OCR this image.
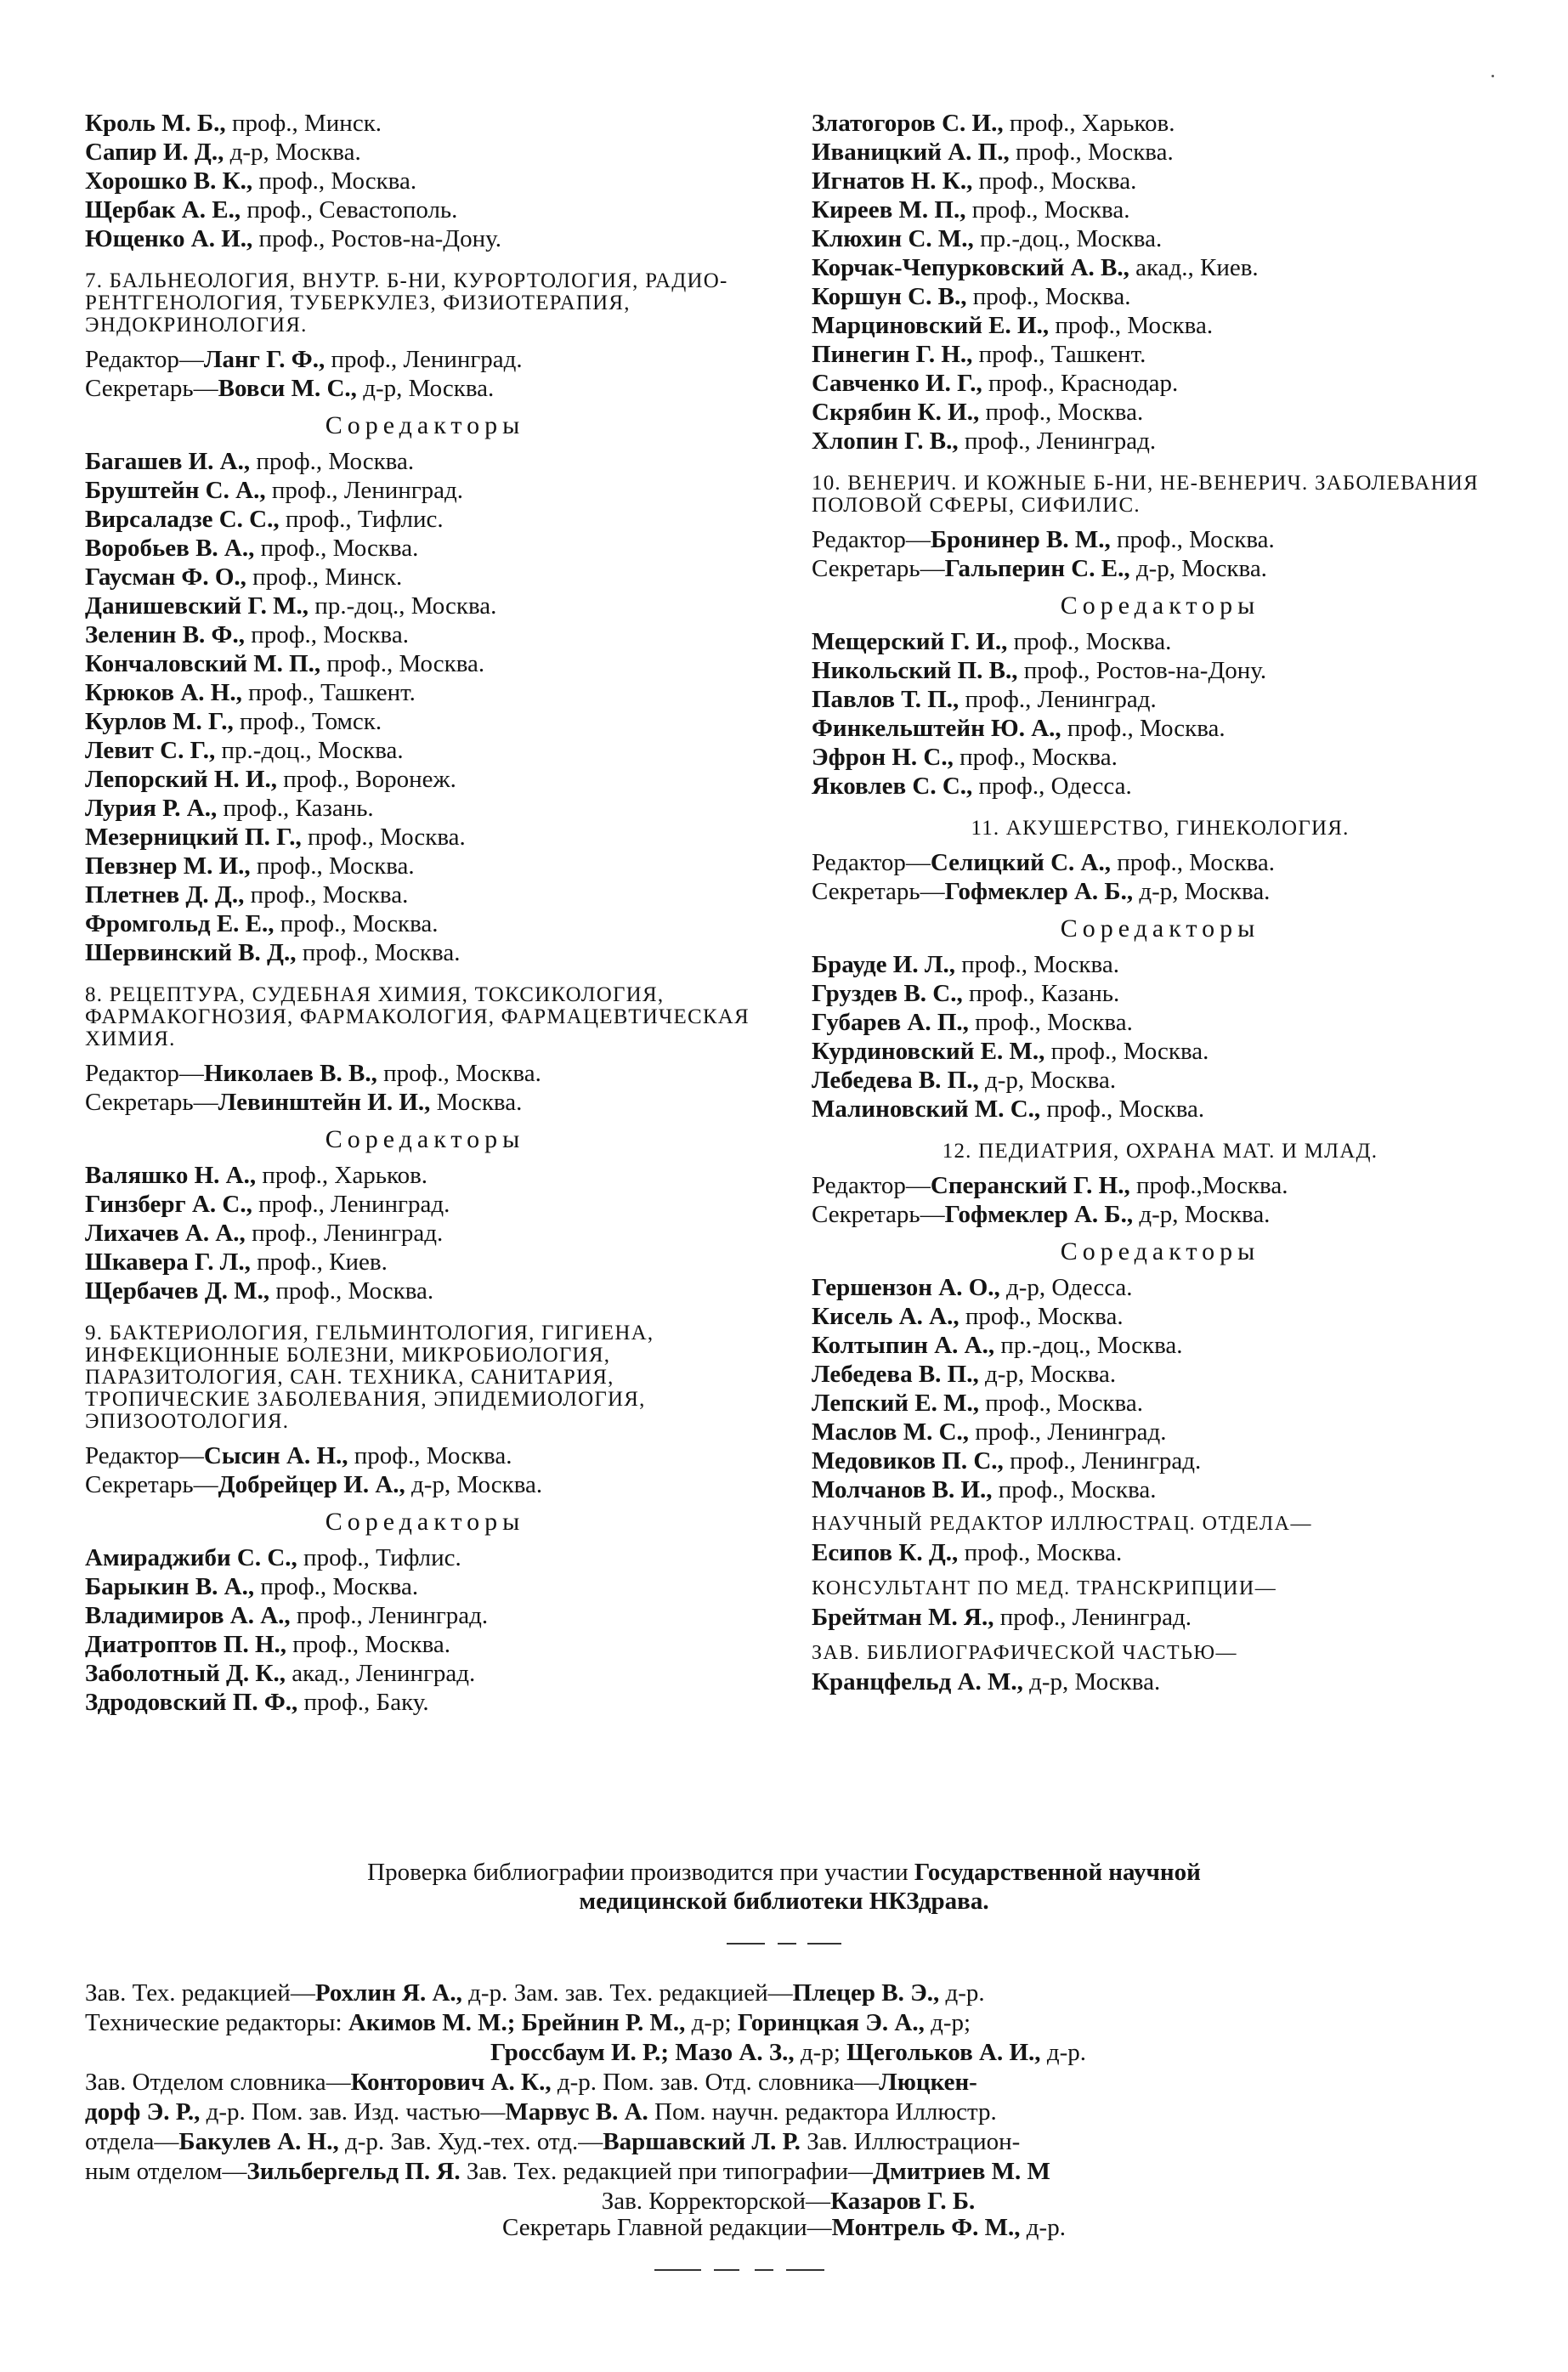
Кроль М. Б., проф., Минск.
Сапир И. Д., д-р, Москва.
Хорошко В. К., проф., Москва.
Щербак А. Е., проф., Севастополь.
Ющенко А. И., проф., Ростов-на-Дону.
7. БАЛЬНЕОЛОГИЯ, ВНУТР. Б-НИ, КУРОРТОЛОГИЯ, РАДИО-РЕНТГЕНОЛОГИЯ, ТУБЕРКУЛЕЗ, ФИЗИОТЕРАПИЯ, ЭНДОКРИНОЛОГИЯ.
Редактор—Ланг Г. Ф., проф., Ленинград.
Секретарь—Вовси М. С., д-р, Москва.
Соредакторы
Багашев И. А., проф., Москва.
Бруштейн С. А., проф., Ленинград.
Вирсаладзе С. С., проф., Тифлис.
Воробьев В. А., проф., Москва.
Гаусман Ф. О., проф., Минск.
Данишевский Г. М., пр.-доц., Москва.
Зеленин В. Ф., проф., Москва.
Кончаловский М. П., проф., Москва.
Крюков А. Н., проф., Ташкент.
Курлов М. Г., проф., Томск.
Левит С. Г., пр.-доц., Москва.
Лепорский Н. И., проф., Воронеж.
Лурия Р. А., проф., Казань.
Мезерницкий П. Г., проф., Москва.
Певзнер М. И., проф., Москва.
Плетнев Д. Д., проф., Москва.
Фромгольд Е. Е., проф., Москва.
Шервинский В. Д., проф., Москва.
8. РЕЦЕПТУРА, СУДЕБНАЯ ХИМИЯ, ТОКСИКОЛОГИЯ, ФАРМАКОГНОЗИЯ, ФАРМАКОЛОГИЯ, ФАРМАЦЕВТИЧЕСКАЯ ХИМИЯ.
Редактор—Николаев В. В., проф., Москва.
Секретарь—Левинштейн И. И., Москва.
Соредакторы
Валяшко Н. А., проф., Харьков.
Гинзберг А. С., проф., Ленинград.
Лихачев А. А., проф., Ленинград.
Шкавера Г. Л., проф., Киев.
Щербачев Д. М., проф., Москва.
9. БАКТЕРИОЛОГИЯ, ГЕЛЬМИНТОЛОГИЯ, ГИГИЕНА, ИНФЕКЦИОННЫЕ БОЛЕЗНИ, МИКРОБИОЛОГИЯ, ПАРАЗИТОЛОГИЯ, САН. ТЕХНИКА, САНИТАРИЯ, ТРОПИЧЕСКИЕ ЗАБОЛЕВАНИЯ, ЭПИДЕМИОЛОГИЯ, ЭПИЗООТОЛОГИЯ.
Редактор—Сысин А. Н., проф., Москва.
Секретарь—Добрейцер И. А., д-р, Москва.
Соредакторы
Амираджиби С. С., проф., Тифлис.
Барыкин В. А., проф., Москва.
Владимиров А. А., проф., Ленинград.
Диатроптов П. Н., проф., Москва.
Заболотный Д. К., акад., Ленинград.
Здродовский П. Ф., проф., Баку.
Златогоров С. И., проф., Харьков.
Иваницкий А. П., проф., Москва.
Игнатов Н. К., проф., Москва.
Киреев М. П., проф., Москва.
Клюхин С. М., пр.-доц., Москва.
Корчак-Чепурковский А. В., акад., Киев.
Коршун С. В., проф., Москва.
Марциновский Е. И., проф., Москва.
Пинегин Г. Н., проф., Ташкент.
Савченко И. Г., проф., Краснодар.
Скрябин К. И., проф., Москва.
Хлопин Г. В., проф., Ленинград.
10. ВЕНЕРИЧ. И КОЖНЫЕ Б-НИ, НЕ-ВЕНЕРИЧ. ЗАБОЛЕВАНИЯ ПОЛОВОЙ СФЕРЫ, СИФИЛИС.
Редактор—Бронинер В. М., проф., Москва.
Секретарь—Гальперин С. Е., д-р, Москва.
Соредакторы
Мещерский Г. И., проф., Москва.
Никольский П. В., проф., Ростов-на-Дону.
Павлов Т. П., проф., Ленинград.
Финкельштейн Ю. А., проф., Москва.
Эфрон Н. С., проф., Москва.
Яковлев С. С., проф., Одесса.
11. АКУШЕРСТВО, ГИНЕКОЛОГИЯ.
Редактор—Селицкий С. А., проф., Москва.
Секретарь—Гофмеклер А. Б., д-р, Москва.
Соредакторы
Брауде И. Л., проф., Москва.
Груздев В. С., проф., Казань.
Губарев А. П., проф., Москва.
Курдиновский Е. М., проф., Москва.
Лебедева В. П., д-р, Москва.
Малиновский М. С., проф., Москва.
12. ПЕДИАТРИЯ, ОХРАНА МАТ. И МЛАД.
Редактор—Сперанский Г. Н., проф.,Москва.
Секретарь—Гофмеклер А. Б., д-р, Москва.
Соредакторы
Гершензон А. О., д-р, Одесса.
Кисель А. А., проф., Москва.
Колтыпин А. А., пр.-доц., Москва.
Лебедева В. П., д-р, Москва.
Лепский Е. М., проф., Москва.
Маслов М. С., проф., Ленинград.
Медовиков П. С., проф., Ленинград.
Молчанов В. И., проф., Москва.
НАУЧНЫЙ РЕДАКТОР ИЛЛЮСТРАЦ. ОТДЕЛА—
Есипов К. Д., проф., Москва.
КОНСУЛЬТАНТ ПО МЕД. ТРАНСКРИПЦИИ—
Брейтман М. Я., проф., Ленинград.
ЗАВ. БИБЛИОГРАФИЧЕСКОЙ ЧАСТЬЮ—
Кранцфельд А. М., д-р, Москва.
Проверка библиографии производится при участии Государственной научной
медицинской библиотеки НКЗдрава.
Зав. Тех. редакцией—Рохлин Я. А., д-р. Зам. зав. Тех. редакцией—Плецер В. Э., д-р.
Технические редакторы: Акимов М. М.; Брейнин Р. М., д-р; Горинцкая Э. А., д-р;
Гроссбаум И. Р.; Мазо А. З., д-р; Щегольков А. И., д-р.
Зав. Отделом словника—Конторович А. К., д-р. Пом. зав. Отд. словника—Люцкен-
дорф Э. Р., д-р. Пом. зав. Изд. частью—Марвус В. А. Пом. научн. редактора Иллюстр.
отдела—Бакулев А. Н., д-р. Зав. Худ.-тех. отд.—Варшавский Л. Р. Зав. Иллюстрацион-
ным отделом—Зильбергельд П. Я. Зав. Тех. редакцией при типографии—Дмитриев М. М
Зав. Корректорской—Казаров Г. Б.
Секретарь Главной редакции—Монтрель Ф. М., д-р.
